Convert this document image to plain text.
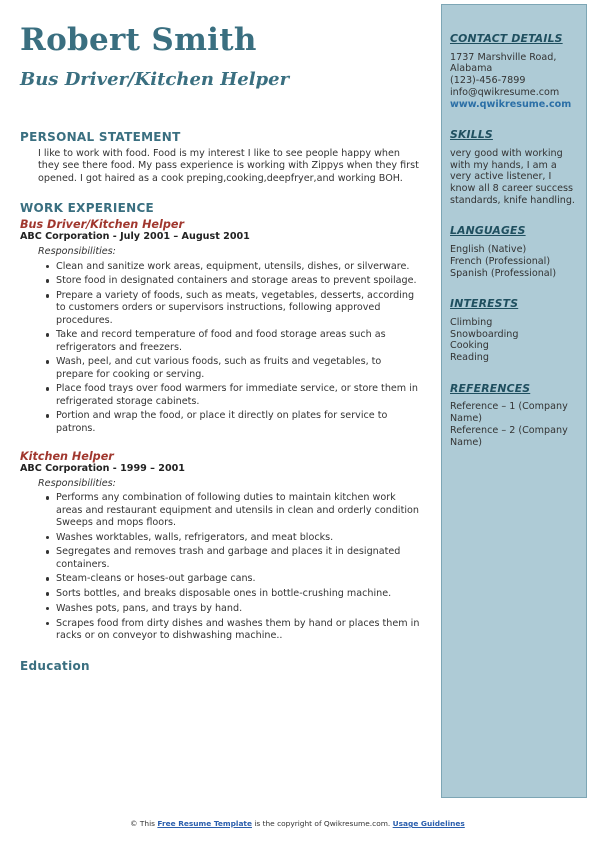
Robert Smith
Bus Driver/Kitchen Helper
PERSONAL STATEMENT
I like to work with food. Food is my interest I like to see people happy when they see there food. My pass experience is working with Zippys when they first opened. I got haired as a cook preping,cooking,deepfryer,and working BOH.
WORK EXPERIENCE
Bus Driver/Kitchen Helper
ABC Corporation - July 2001 – August 2001
Responsibilities:
Clean and sanitize work areas, equipment, utensils, dishes, or silverware.
Store food in designated containers and storage areas to prevent spoilage.
Prepare a variety of foods, such as meats, vegetables, desserts, according to customers orders or supervisors instructions, following approved procedures.
Take and record temperature of food and food storage areas such as refrigerators and freezers.
Wash, peel, and cut various foods, such as fruits and vegetables, to prepare for cooking or serving.
Place food trays over food warmers for immediate service, or store them in refrigerated storage cabinets.
Portion and wrap the food, or place it directly on plates for service to patrons.
Kitchen Helper
ABC Corporation - 1999 – 2001
Responsibilities:
Performs any combination of following duties to maintain kitchen work areas and restaurant equipment and utensils in clean and orderly condition Sweeps and mops floors.
Washes worktables, walls, refrigerators, and meat blocks.
Segregates and removes trash and garbage and places it in designated containers.
Steam-cleans or hoses-out garbage cans.
Sorts bottles, and breaks disposable ones in bottle-crushing machine.
Washes pots, pans, and trays by hand.
Scrapes food from dirty dishes and washes them by hand or places them in racks or on conveyor to dishwashing machine..
Education
CONTACT DETAILS
1737 Marshville Road, Alabama
(123)-456-7899
info@qwikresume.com
www.qwikresume.com
SKILLS
very good with working with my hands, I am a very active listener, I know all 8 career success standards, knife handling.
LANGUAGES
English (Native)
French (Professional)
Spanish (Professional)
INTERESTS
Climbing
Snowboarding
Cooking
Reading
REFERENCES
Reference – 1 (Company Name)
Reference – 2 (Company Name)
© This Free Resume Template is the copyright of Qwikresume.com. Usage Guidelines
